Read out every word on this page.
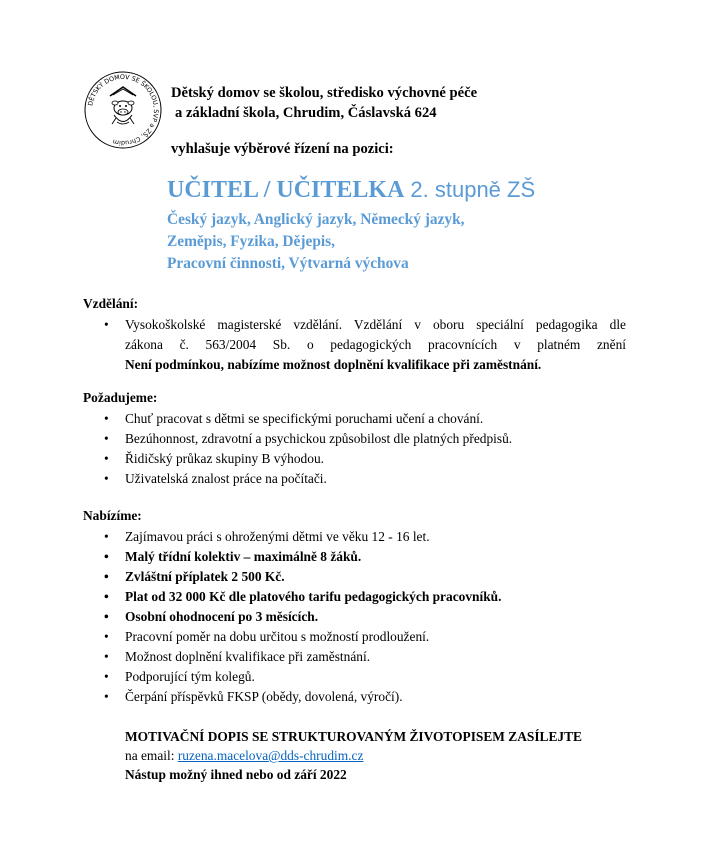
DĚTSKÝ DOMOV SE ŠKOLOU, SVP a ZŠ, Chrudim
Dětský domov se školou, středisko výchovné péče
a základní škola, Chrudim, Čáslavská 624
vyhlašuje výběrové řízení na pozici:
UČITEL / UČITELKA 2. stupně ZŠ
Český jazyk, Anglický jazyk, Německý jazyk,
Zeměpis, Fyzika, Dějepis,
Pracovní činnosti, Výtvarná výchova
Vzdělání:
• Vysokoškolské magisterské vzdělání. Vzdělání v oboru speciální pedagogika dle
zákona č. 563/2004 Sb. o pedagogických pracovnících v platném znění
Není podmínkou, nabízíme možnost doplnění kvalifikace při zaměstnání.
Požadujeme:
• Chuť pracovat s dětmi se specifickými poruchami učení a chování.
• Bezúhonnost, zdravotní a psychickou způsobilost dle platných předpisů.
• Řidičský průkaz skupiny B výhodou.
• Uživatelská znalost práce na počítači.
Nabízíme:
• Zajímavou práci s ohroženými dětmi ve věku 12 - 16 let.
• Malý třídní kolektiv – maximálně 8 žáků.
• Zvláštní příplatek 2 500 Kč.
• Plat od 32 000 Kč dle platového tarifu pedagogických pracovníků.
• Osobní ohodnocení po 3 měsících.
• Pracovní poměr na dobu určitou s možností prodloužení.
• Možnost doplnění kvalifikace při zaměstnání.
• Podporující tým kolegů.
• Čerpání příspěvků FKSP (obědy, dovolená, výročí).
MOTIVAČNÍ DOPIS SE STRUKTUROVANÝM ŽIVOTOPISEM ZASÍLEJTE
na email: ruzena.macelova@dds-chrudim.cz
Nástup možný ihned nebo od září 2022
